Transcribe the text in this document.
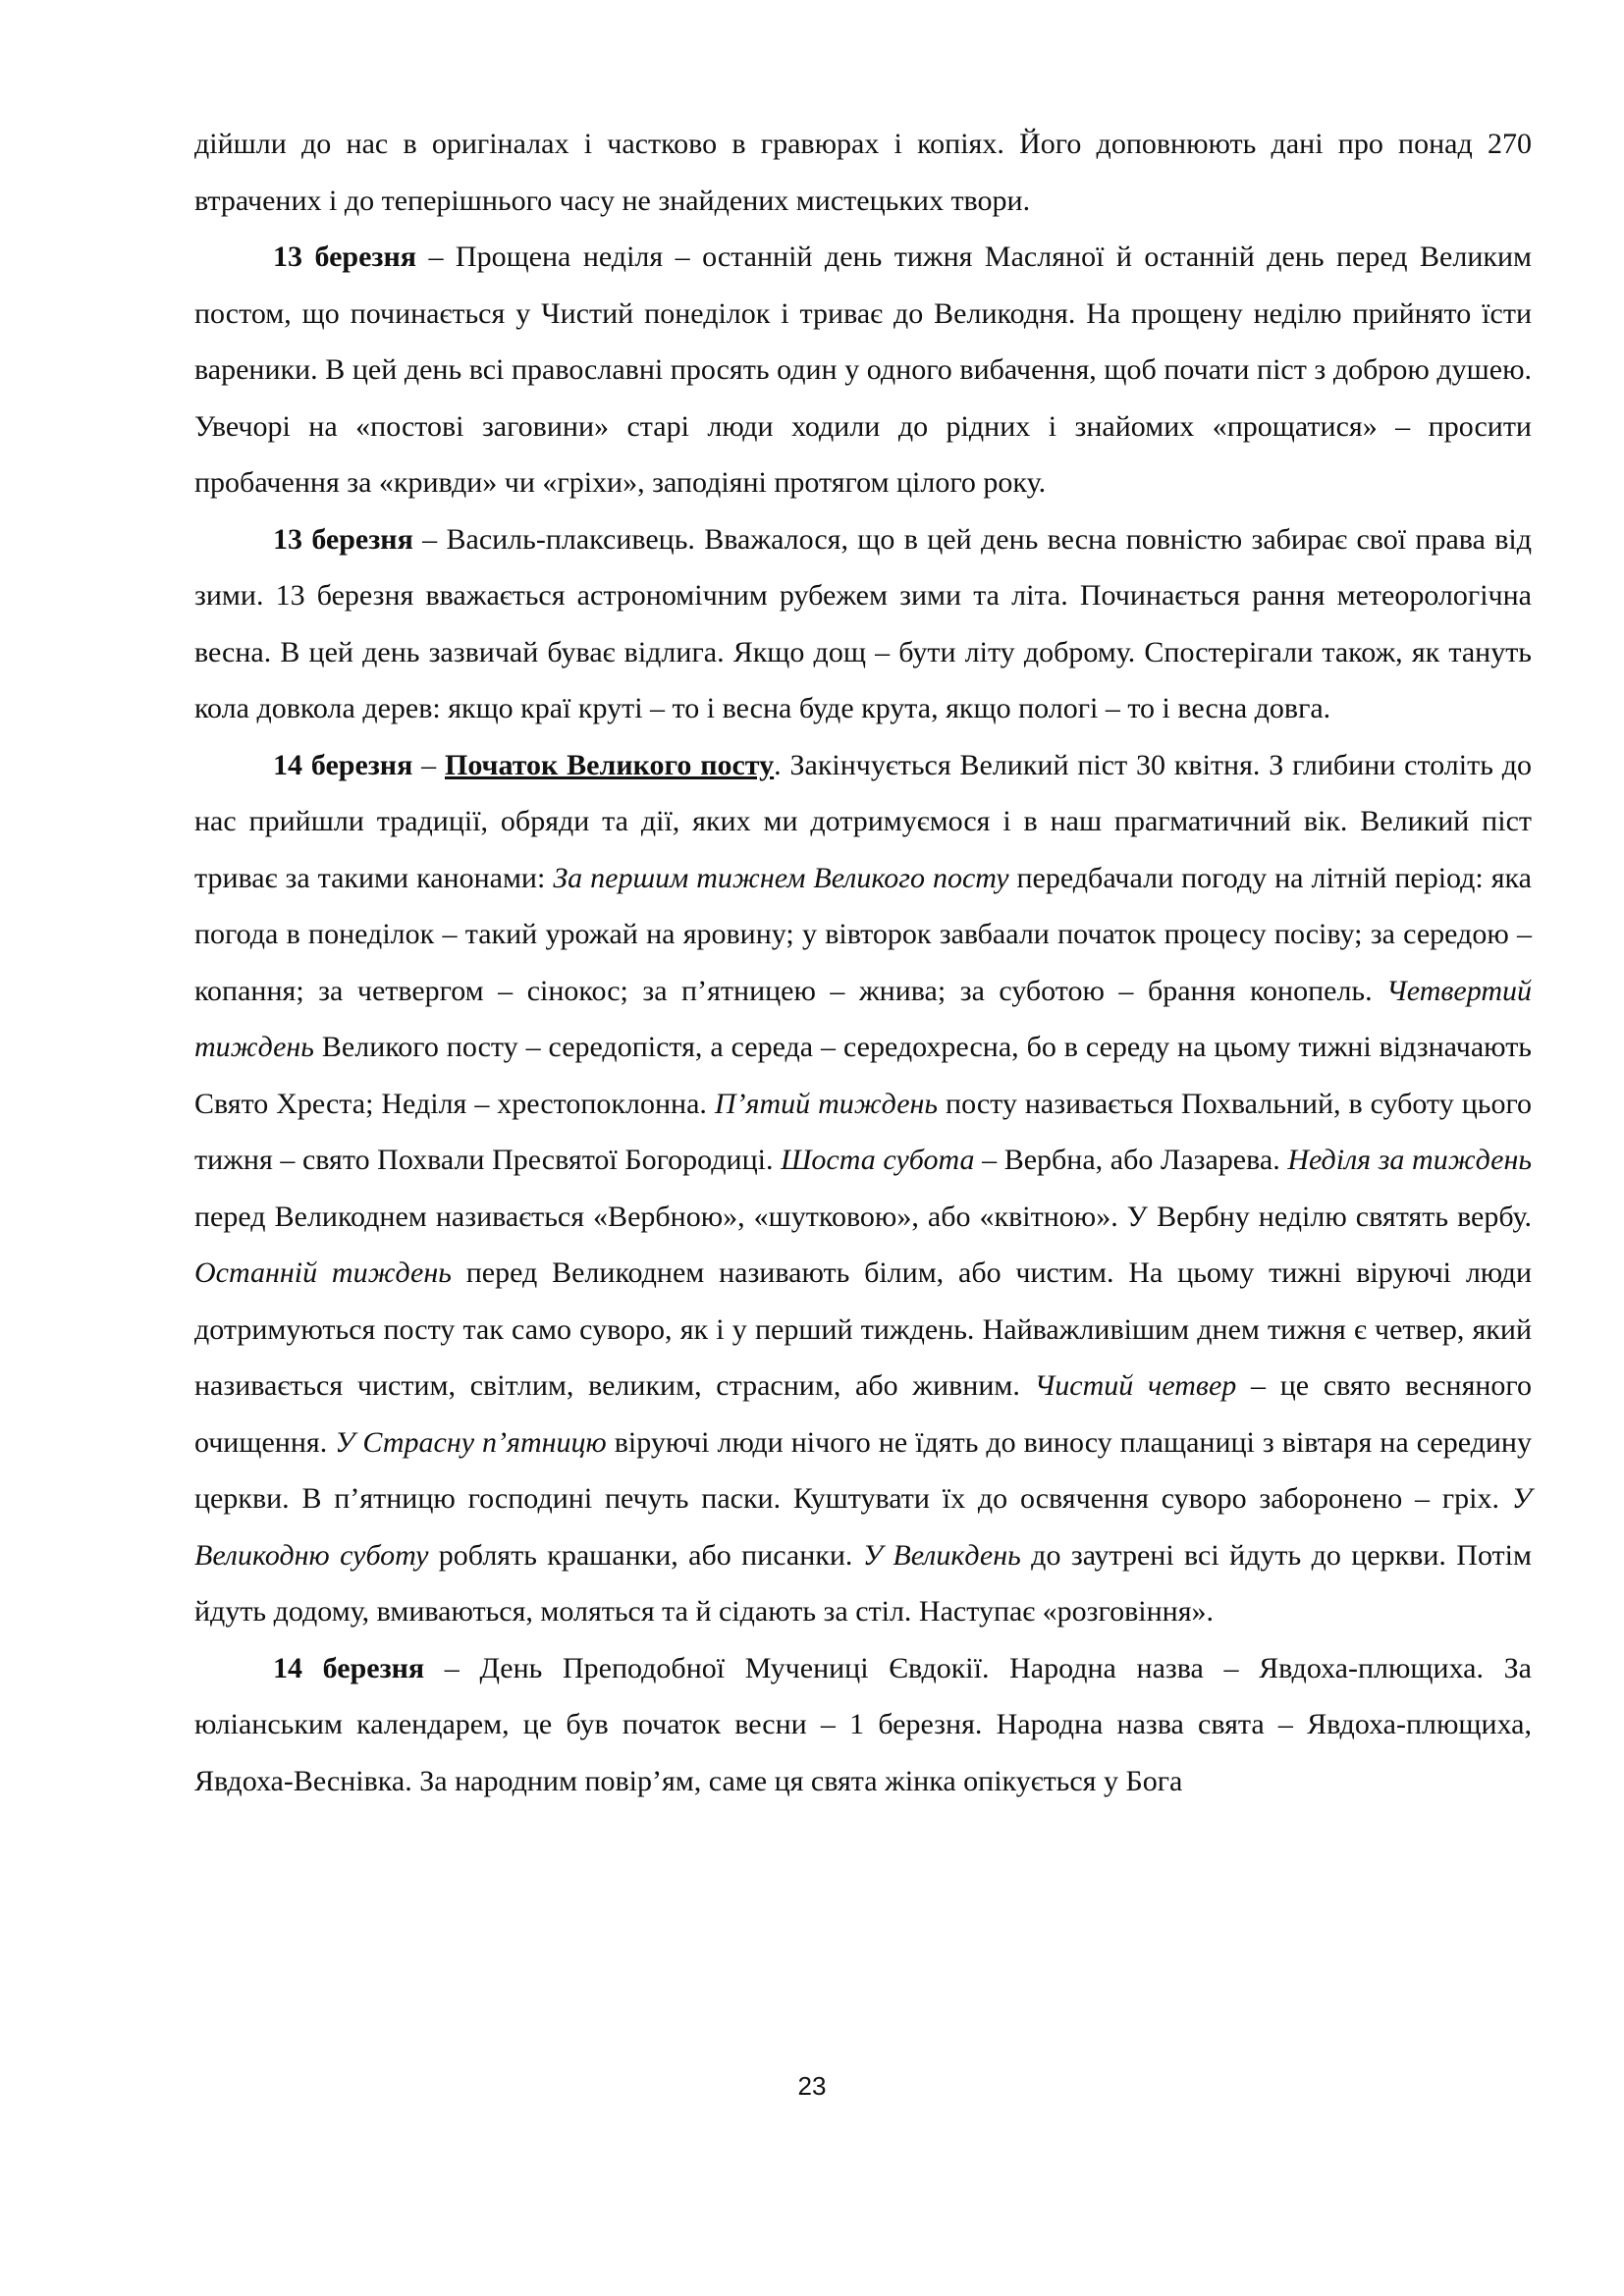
дійшли до нас в оригіналах і частково в гравюрах і копіях. Його доповнюють дані про понад 270 втрачених і до теперішнього часу не знайдених мистецьких твори.

13 березня – Прощена неділя – останній день тижня Масляної й останній день перед Великим постом, що починається у Чистий понеділок і триває до Великодня. На прощену неділю прийнято їсти вареники. В цей день всі православні просять один у одного вибачення, щоб почати піст з доброю душею. Увечорі на «постові заговини» старі люди ходили до рідних і знайомих «прощатися» – просити пробачення за «кривди» чи «гріхи», заподіяні протягом цілого року.

13 березня – Василь-плаксивець. Вважалося, що в цей день весна повністю забирає свої права від зими. 13 березня вважається астрономічним рубежем зими та літа. Починається рання метеорологічна весна. В цей день зазвичай буває відлига. Якщо дощ – бути літу доброму. Спостерігали також, як тануть кола довкола дерев: якщо краї круті – то і весна буде крута, якщо пологі – то і весна довга.

14 березня – Початок Великого посту. Закінчується Великий піст 30 квітня. З глибини століть до нас прийшли традиції, обряди та дії, яких ми дотримуємося і в наш прагматичний вік. Великий піст триває за такими канонами: За першим тижнем Великого посту передбачали погоду на літній період: яка погода в понеділок – такий урожай на яровину; у вівторок завбаали початок процесу посіву; за середою – копання; за четвергом – сінокос; за п’ятницею – жнива; за суботою – брання конопель. Четвертий тиждень Великого посту – середопістя, а середа – середохресна, бо в середу на цьому тижні відзначають Свято Хреста; Неділя – хрестопоклонна. П’ятий тиждень посту називається Похвальний, в суботу цього тижня – свято Похвали Пресвятої Богородиці. Шоста субота – Вербна, або Лазарева. Неділя за тиждень перед Великоднем називається «Вербною», «шутковою», або «квітною». У Вербну неділю святять вербу. Останній тиждень перед Великоднем називають білим, або чистим. На цьому тижні віруючі люди дотримуються посту так само суворо, як і у перший тиждень. Найважливішим днем тижня є четвер, який називається чистим, світлим, великим, страсним, або живним. Чистий четвер – це свято весняного очищення. У Страсну п’ятницю віруючі люди нічого не їдять до виносу плащаниці з вівтаря на середину церкви. В п’ятницю господині печуть паски. Куштувати їх до освячення суворо заборонено – гріх. У Великодню суботу роблять крашанки, або писанки. У Великдень до заутрені всі йдуть до церкви. Потім йдуть додому, вмиваються, моляться та й сідають за стіл. Наступає «розговіння».

14 березня – День Преподобної Мучениці Євдокії. Народна назва – Явдоха-плющиха. За юліанським календарем, це був початок весни – 1 березня. Народна назва свята – Явдоха-плющиха, Явдоха-Веснівка. За народним повір’ям, саме ця свята жінка опікується у Бога

23
